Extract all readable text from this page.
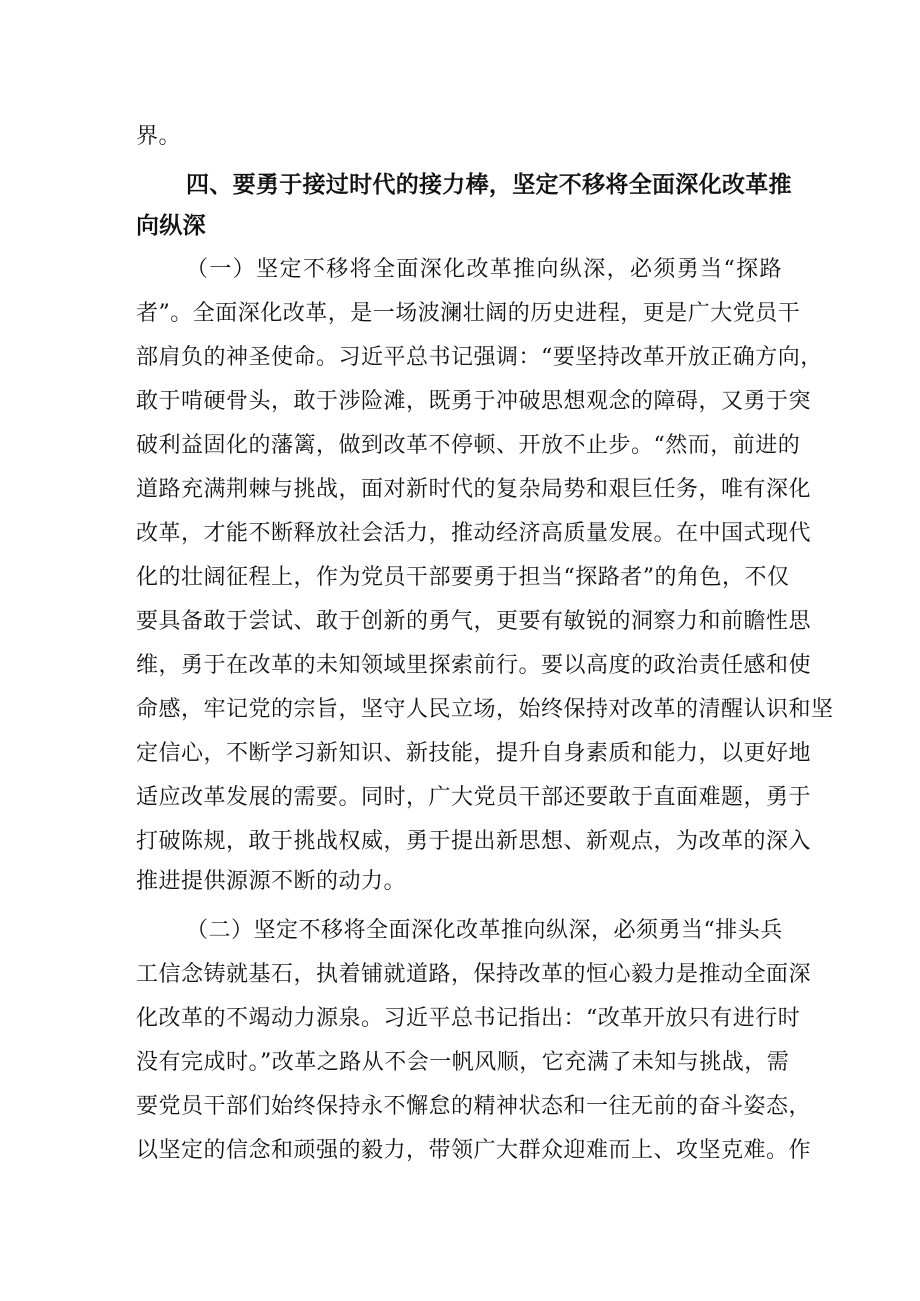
界。
四、要勇于接过时代的接力棒，坚定不移将全面深化改革推
向纵深
（一）坚定不移将全面深化改革推向纵深，必须勇当“探路
者”。全面深化改革，是一场波澜壮阔的历史进程，更是广大党员干
部肩负的神圣使命。习近平总书记强调：“要坚持改革开放正确方向，
敢于啃硬骨头，敢于涉险滩，既勇于冲破思想观念的障碍，又勇于突
破利益固化的藩篱，做到改革不停顿、开放不止步。“然而，前进的
道路充满荆棘与挑战，面对新时代的复杂局势和艰巨任务，唯有深化
改革，才能不断释放社会活力，推动经济高质量发展。在中国式现代
化的壮阔征程上，作为党员干部要勇于担当“探路者”的角色，不仅
要具备敢于尝试、敢于创新的勇气，更要有敏锐的洞察力和前瞻性思
维，勇于在改革的未知领域里探索前行。要以高度的政治责任感和使
命感，牢记党的宗旨，坚守人民立场，始终保持对改革的清醒认识和坚
定信心，不断学习新知识、新技能，提升自身素质和能力，以更好地
适应改革发展的需要。同时，广大党员干部还要敢于直面难题，勇于
打破陈规，敢于挑战权威，勇于提出新思想、新观点，为改革的深入
推进提供源源不断的动力。
（二）坚定不移将全面深化改革推向纵深，必须勇当“排头兵
工信念铸就基石，执着铺就道路，保持改革的恒心毅力是推动全面深
化改革的不竭动力源泉。习近平总书记指出：“改革开放只有进行时
没有完成时。”改革之路从不会一帆风顺，它充满了未知与挑战，需
要党员干部们始终保持永不懈怠的精神状态和一往无前的奋斗姿态，
以坚定的信念和顽强的毅力，带领广大群众迎难而上、攻坚克难。作
